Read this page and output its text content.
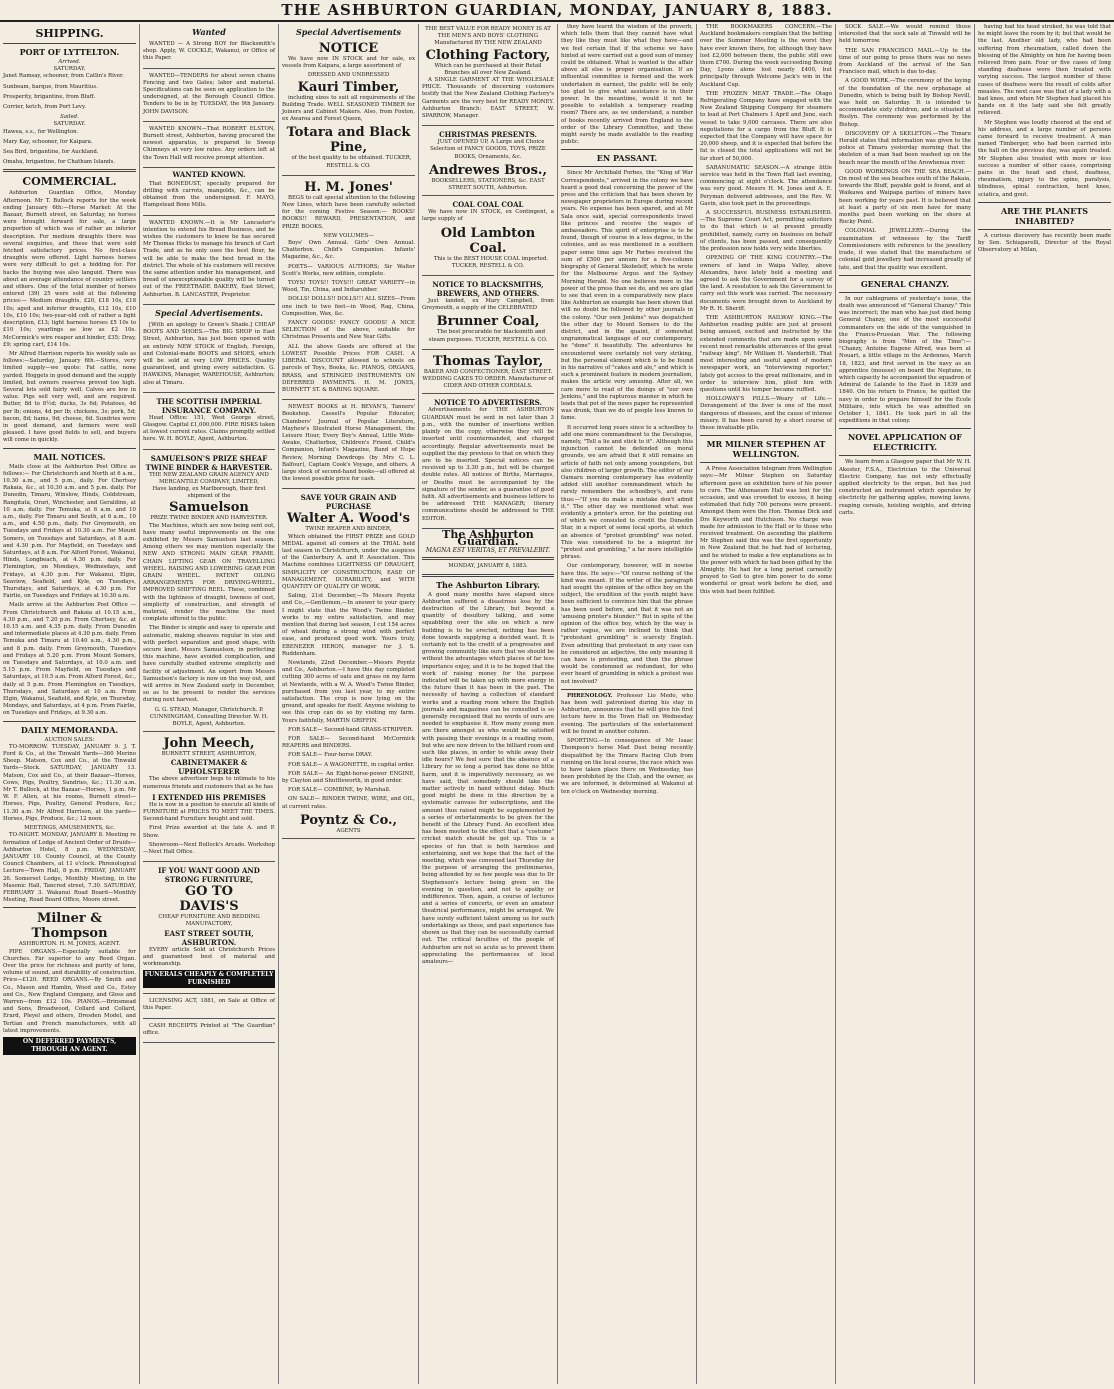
THE ASHBURTON GUARDIAN, MONDAY, JANUARY 8, 1883.
SHIPPING.
PORT OF LYTTELTON.
Arrived.
SATURDAY.
Janet Ramsay, schooner, from Catlin's River.
Sunbeam, barque, from Mauritius.
Prosperity, brigantine, from Bluff.
Corrier, ketch, from Port Levy.
Sailed.
SATURDAY.
Hawea, s.s., for Wellington.
Mary Kay, schooner, for Kaipara.
Sea Bird, brigantine, for Auckland.
Omaha, brigantine, for Chatham Islands.
COMMERCIAL.

Ashburton Guardian Office, Monday Afternoon. Mr T. Bullock reports for the week ending January 6th:—Horse Market: At the Bazaar, Burnett street, on Saturday, no horses were brought forward for sale, a large proportion of which was of rather an inferior description. For medium draughts there was several enquiries, and these that were sold fetched satisfactory prices. No first-class draughts were offered. Light harness horses were very difficult to get a bidding for. For hacks the buying was also languid. There was about an average attendance of country settlers and others. One of the total number of horses entered (39) 25 were sold at the following prices:— Medium draughts, £20, £18 10s, £18 10s; aged and inferior draughts, £12 10s, £10 10s, £10 10s; two-year-old colt of rather a light description, £13; light harness horses £5 10s to £10 10s; yearlings as low as £2 10s. McCormick's wire reaper and binder, £35; Dray, £9; spring cart, £14 10s.

Mr Alfred Harrison reports his weekly sale as follows:—Saturday, January 6th.—Stores, very limited supply—we quote: Fat cattle, none yarded. Hoggets in good demand and the supply limited, but owners reserves proved too high. Several lots sold fairly well. Calves are low in value. Pigs sell very well, and are required. Butter, 8d to 8½d; ducks, 3s 6d; Potatoes, 4d per lb; onions, 4d per lb; chickens, 3s; pork, 5d; bacon, 8d; hams, 9d; cheese, 6d. Sundries were in good demand, and farmers were well pleased. I have good fields to sell, and buyers will come in quickly.

MAIL NOTICES.

Mails close at the Ashburton Post Office as follows:— For Christchurch and North at 6 a.m., 10.30 a.m., and 5 p.m., daily. For Chertsey Rakaia, &c., at 10.30 a.m. and 5 p.m. daily. For Dunedin, Timaru, Winslow, Hinds, Coldstream, Rangitata, Orari, Winchester, and Geraldine, at 10 a.m. daily. For Temuka, at 6 a.m. and 10 a.m., daily. For Timaru and South, at 6 a.m., 10 a.m., and 4.50 p.m., daily. For Greymouth, on Tuesdays and Fridays at 10.30 a.m. For Mount Somers, on Tuesdays and Saturdays, at 8 a.m. and 4.30 p.m. For Mayfield, on Tuesdays and Saturdays, at 8 a.m. For Alford Forest, Wakanui, Hinds, Longbeach, at 4.30 p.m. daily. For Flemington, on Mondays, Wednesdays, and Fridays, at 4.30 p.m. For Wakanui, Elgin, Seaview, Seafield, and Kyle, on Tuesdays, Thursdays, and Saturdays, at 4.30 p.m. For Fairlie, on Tuesdays and Fridays at 10.30 a.m.

Mails arrive at the Ashburton Post Office — From Christchurch and Rakaia at 10.15 a.m., 4.30 p.m., and 7.20 p.m. From Chertsey, &c. at 10.15 a.m. and 4.35 p.m. daily. From Dunedin and intermediate places at 4.30 p.m. daily. From Temuka and Timaru at 10.40 a.m., 4.30 p.m., and 8 p.m. daily. From Greymouth, Tuesdays and Fridays at 5.20 p.m. From Mount Somers, on Tuesdays and Saturdays, at 10.0 a.m. and 5.15 p.m. From Mayfield, on Tuesdays and Saturdays, at 10.5 a.m. From Alford Forest, &c., daily at 5 p.m. From Flemington on Tuesdays, Thursdays, and Saturdays at 10 a.m. From Elgin, Wakanui, Seafield, and Kyle, on Thursday, Mondays, and Saturdays, at 4 p.m. From Fairlie, on Tuesdays and Fridays, at 9.30 a.m.

DAILY MEMORANDA.
AUCTION SALES:

TO-MORROW. TUESDAY, JANUARY 9. J. T. Ford & Co., at the Tinwald Yards—360 Merino Sheep. Matson, Cox and Co., at the Tinwald Yards—Stock. SATURDAY, JANUARY 13. Matson, Cox and Co., at their Bazaar—Horses, Cows, Pigs, Poultry, Sundries, &c.; 11.30 a.m. Mr T. Bullock, at the Bazaar—Horses, 1 p.m. Mr W. F. Allen, at his rooms, Burnett street—Horses, Pigs, Poultry, General Produce, &c.; 11.30 a.m. Mr Alfred Harrison, at the yards—Horses, Pigs, Produce, &c.; 12 noon.

MEETINGS, AMUSEMENTS, &c.

TO-NIGHT. MONDAY, JANUARY 8. Meeting re formation of Lodge of Ancient Order of Druids—Ashburton Hotel, 8 p.m. WEDNESDAY, JANUARY 10. County Council, at the County Council Chambers, at 11 o'clock. Phrenological Lecture—Town Hall, 8 p.m. FRIDAY, JANUARY 26. Somerset Lodge, Monthly Meeting, in the Masonic Hall, Tancred street, 7.30. SATURDAY, FEBRUARY 3. Wakanui Road Board—Monthly Meeting, Road Board Office, Moore street.

Milner & Thompson
ASHBURTON. H. M. JONES, AGENT.

PIPE ORGANS.—Especially suitable for Churches. Far superior to any Reed Organ. Over the price for richness and purity of tone, volume of sound, and durability of construction. Price—£120. REED ORGANS.—By Smith and Co., Mason and Hamlin, Wood and Co., Estey and Co., New England Company, and Gloss and Warren—from £12 10s. PIANOS.—Brinsmead and Sons, Broadwood, Collard and Collard, Erard, Pleyel and others, Dresden Model, and Tertian and French manufacturers, with all latest improvements.

ON DEFERRED PAYMENTS, THROUGH AN AGENT.
Wanted

WANTED — A Strong BOY for Blacksmith's shop. Apply, W. COCKLE, Wakanui, or Office of this Paper.

WANTED—TENDERS for about seven chains Fencing and two Gates; labor and material. Specifications can be seen on application to the undersigned, at the Borough Council Office. Tenders to be in by TUESDAY, the 9th January. JOHN DAVISON.

WANTED KNOWN—That ROBERT ELSTON, Burnett street, Ashburton, having procured the newest apparatus, is prepared to Sweep Chimneys at very low rates. Any orders left at the Town Hall will receive prompt attention.

WANTED KNOWN.

That BONEDUST, specially prepared for drilling with carrots, mangolds, &c., can be obtained from the undersigned. F. MAYO, Hampstead Bone Mills.

WANTED KNOWN.—It is Mr Lancaster's intention to extend his Bread Business, and he wishes the customers to know he has secured Mr Thomas Hicks to manage his branch of Cart Trade, and as he only uses the best flour, he will be able to make the best bread in the district. The whole of his customers will receive the same attention under his management, and bread of unexceptionable quality will be turned out of the FREETRADE BAKERY, East Street, Ashburton. B. LANCASTER, Proprietor.

Special Advertisements.

[With an apology to Green's Shade.] CHEAP BOOTS AND SHOES.—The BIG SHOP in East Street, Ashburton, has just been opened with an entirely NEW STOCK of English, Foreign, and Colonial-made BOOTS and SHOES, which will be sold at very LOW PRICES. Quality guaranteed, and giving every satisfaction. G. HAWKINS, Manager, WAREHOUSE, Ashburton; also at Timaru.

THE SCOTTISH IMPERIAL INSURANCE COMPANY.

Head Office: 151, West George street, Glasgow. Capital £1,000,000. FIRE RISKS taken at lowest current rates. Claims promptly settled here. W. H. BOYLE, Agent, Ashburton.

SAMUELSON'S PRIZE SHEAF TWINE BINDER & HARVESTER.
THE NEW ZEALAND GRAIN AGENCY AND MERCANTILE COMPANY, LIMITED,
Have landing, ex Marlborough, their first shipment of the
Samuelson
PRIZE TWINE BINDER AND HARVESTER.

The Machines, which are now being sent out, have many useful improvements on the one exhibited by Messrs Samuelson last season. Among others we may mention especially the NEW AND STRONG MAIN GEAR FRAME. CHAIN LIFTING GEAR ON TRAVELLING WHEEL. RAISING AND LOWERING GEAR FOR GRAIN WHEEL. PATENT OILING ARRANGEMENTS FOR DRIVING-WHEEL. IMPROVED SHIFTING REEL. These, combined with the lightness of draught, lowness of cost, simplicity of construction, and strength of material, render the machine the most complete offered to the public.

The Binder is simple and easy to operate and automatic, making sheaves regular in size and with perfect separation and good shape, with secure knot. Messrs Samuelson, in perfecting this machine, have avoided complication, and have carefully studied extreme simplicity and facility of adjustment. An expert from Messrs Samuelson's factory is now on the way out, and will arrive in New Zealand early in December, so as to be present to render the services during next harvest.

G. G. STEAD, Manager, Christchurch. P. CUNNINGHAM, Consulting Director. W. H. BOYLE, Agent, Ashburton.
John Meech,
BURNETT STREET, ASHBURTON,
CABINETMAKER & UPHOLSTERER

The above advertiser begs to intimate to his numerous friends and customers that as he has

I EXTENDED HIS PREMISES

He is now in a position to execute all kinds of FURNITURE at PRICES TO MEET THE TIMES. Second-hand Furniture bought and sold.

First Prize awarded at the late A. and P. Show.

Showroom—Next Bullock's Arcade. Workshop—Next Hall Office.

IF YOU WANT GOOD AND STRONG FURNITURE,
GO TO
DAVIS'S
CHEAP FURNITURE AND BEDDING MANUFACTORY,
EAST STREET SOUTH, ASHBURTON.

EVERY article Sold at Christchurch Prices and guaranteed best of material and workmanship.

FUNERALS CHEAPLY & COMPLETELY FURNISHED

LICENSING ACT, 1881, on Sale at Office of this Paper.

CASH RECEIPTS Printed at "The Guardian" office.

Special Advertisements
NOTICE

We have now IN STOCK and for sale, ex vessels from Kaipara, a large assortment of

DRESSED AND UNDRESSED
Kauri Timber,

including sizes to suit all requirements of the Building Trade. WELL SEASONED TIMBER for Joiners and Cabinet Makers. Also, from Foxton, ex Awaroa and Forest Queen,

Totara and Black Pine,

of the best quality to be obtained. TUCKER, RESTELL & CO.

H. M. Jones'

BEGS to call special attention to the following New Lines, which have been carefully selected for the coming Festive Season:— BOOKS! BOOKS!! REWARD, PRESENTATION, and PRIZE BOOKS.

NEW VOLUMES—

Boys' Own Annual. Girls' Own Annual. Chatterbox. Child's Companion. Infants' Magazine, &c., &c.

POETS— VARIOUS AUTHORS; Sir Walter Scott's Works, new edition, complete.

TOYS! TOYS!! TOYS!!! GREAT VARIETY—in Wood, Tin, China, and Indiarubber.

DOLLS! DOLLS!! DOLLS!!! ALL SIZES—From one inch to two feet—in Wood, Rag, China, Composition, Wax, &c.

FANCY GOODS! FANCY GOODS! A NICE SELECTION of the above, suitable for Christmas Presents and New Year Gifts.

ALL the above Goods are offered at the LOWEST Possible Prices FOR CASH. A LIBERAL DISCOUNT allowed to schools on parcels of Toys, Books, &c. PIANOS, ORGANS, BRASS, and STRINGED INSTRUMENTS ON DEFERRED PAYMENTS. H. M. JONES, BURNETT ST. & BARING SQUARE.

NEWEST BOOKS at H. BEVAN'S, Tanners' Bookshop. Cassell's Popular Educator, Chambers' Journal of Popular Literature, Mayhew's Illustrated Horse Management, the Leisure Hour, Every Boy's Annual, Little Wide-Awake, Chatterbox, Children's Friend, Child's Companion, Infant's Magazine, Band of Hope Review, Morning Dewdrops (by Mrs C. L. Balfour), Captain Cook's Voyage, and others. A large stock of second-hand books—all offered at the lowest possible price for cash.

SAVE YOUR GRAIN AND PURCHASE
Walter A. Wood's
TWINE REAPER AND BINDER,

Which obtained the FIRST PRIZE and GOLD MEDAL against all comers at the TRIAL held last season in Christchurch, under the auspices of the Canterbury A. and P. Association. This Machine combines LIGHTNESS OF DRAUGHT, SIMPLICITY OF CONSTRUCTION, EASE OF MANAGEMENT, DURABILITY, and WITH QUANTITY OF QUALITY OF WORK.

Saling, 21st December,—To Messrs Poyntz and Co.,—Gentlemen,—In answer to your query I might state that the Wood's Twine Binder, works to my entire satisfaction, and may mention that during last season, I cut 154 acres of wheat during a strong wind with perfect ease, and produced good work. Yours truly, EBENEZER HERON, manager for J. S. Ruddenham.

Newlands, 22nd December.—Messrs Poyntz and Co., Ashburton.—I have this day completed cutting 300 acres of oats and grass on my farm at Newlands, with a W. A. Wood's Twine Binder, purchased from you last year, to my entire satisfaction. The crop is now lying on the ground, and speaks for itself. Anyone wishing to see this crop can do so by visiting my farm. Yours faithfully, MARTIN GRIFFIN.

FOR SALE— Second-hand GRASS-STRIPPER.

FOR SALE— Second-hand McCormick REAPERS and BINDERS.

FOR SALE— Four-horse DRAY.

FOR SALE— A WAGONETTE, in capital order.

FOR SALE— An Eight-horse-power ENGINE, by Clayton and Shuttleworth, in good order.

FOR SALE— COMBINE, by Marshall.

ON SALE— BINDER TWINE, WIRE, and OIL, at current rates.

Poyntz & Co.,
AGENTS
THE BEST VALUE FOR READY MONEY IS AT THE MEN'S AND BOYS' CLOTHING Manufactured BY THE NEW ZEALAND
Clothing Factory,
Which can be purchased at their Retail Branches all over New Zealand.

A SINGLE GARMENT AT THE WHOLESALE PRICE. Thousands of discerning customers testify that the New Zealand Clothing Factory's Garments are the very best for READY MONEY. Ashburton Branch: EAST STREET, W. SPARROW, Manager.

CHRISTMAS PRESENTS.

JUST OPENED UP, A Large and Choice Selection of FANCY GOODS, TOYS, PRIZE BOOKS, Ornaments, &c.

Andrewes Bros.,
BOOKSELLERS, STATIONERS, &c. EAST STREET SOUTH, Ashburton.
COAL COAL COAL

We have now IN STOCK, ex Contingent, a large supply of

Old Lambton Coal.

This is the BEST HOUSE COAL imported. TUCKER, RESTELL & CO.

NOTICE TO BLACKSMITHS, BREWERS, AND OTHERS.

Just landed, ex Mary Campbell, from Greymouth, a supply of the CELEBRATED

Brunner Coal,

The best procurable for blacksmith and steam purposes. TUCKER, RESTELL & CO.

Thomas Taylor,
BAKER AND CONFECTIONER, EAST STREET. WEDDING CAKES TO ORDER. Manufacturer of CIDER AND OTHER CORDIALS.
NOTICE TO ADVERTISERS.

Advertisements for THE ASHBURTON GUARDIAN must be sent in not later than 3 p.m., with the number of insertions written plainly on the copy, otherwise they will be inserted until countermanded, and charged accordingly. Regular advertisements must be supplied the day previous to that on which they are to be inserted. Special notices can be received up to 3.30 p.m., but will be charged double rates. All notices of Births, Marriages, or Deaths must be accompanied by the signature of the sender, as a guarantee of good faith. All advertisements and business letters to be addressed THE MANAGER; literary communications should be addressed to THE EDITOR.

The Ashburton Guardian.
MAGNA EST VERITAS, ET PREVALEBIT.
MONDAY, JANUARY 8, 1883.
The Ashburton Library.

A good many months have elapsed since Ashburton suffered a disastrous loss by the destruction of the Library, but beyond a quantity of desultory talking, and some squabbling over the site on which a new building is to be erected, nothing has been done towards supplying a decided want. It is certainly not to the credit of a progressive and growing community like ours that we should be without the advantages which places of far less importance enjoy, and it is to be hoped that the work of raising money for the purpose indicated will be taken up with more energy in the future than it has been in the past. The necessity of having a collection of standard works and a reading room where the English journals and magazines can be consulted is so generally recognised that no words of ours are needed to emphasise it. How many young men are there amongst us who would be satisfied with passing their evenings in a reading room, but who are now driven to the billiard room and such like places, in order to while away their idle hours? We feel sure that the absence of a Library for so long a period has done no little harm, and it is imperatively necessary, as we have said, that somebody should take the matter actively in hand without delay. Much good might be done in this direction by a systematic canvass for subscriptions, and the amount thus raised might be supplemented by a series of entertainments to be given for the benefit of the Library Fund. An excellent idea has been mooted to the effect that a "costume" cricket match should be got up. This is a species of fun that is both harmless and entertaining, and we hope that the fact of the meeting, which was convened last Thursday for the purpose of arranging the preliminaries, being attended by so few people was due to Dr Stephenson's lecture being given on the evening in question, and not to apathy or indifference. Then, again, a course of lectures and a series of concerts, or even an amateur theatrical performance, might be arranged. We have surely sufficient talent among us for such undertakings as these, and past experience has shown us that they can be successfully carried out. The critical faculties of the people of Ashburton are not so acute as to prevent them appreciating the performances of local amateurs—

they have learnt the wisdom of the proverb, which tells them that they cannot have what they like they must like what they have—and we feel certain that if the scheme we have hinted at were carried out a good sum of money could be obtained. What is wanted is the affair above all else is proper organisation. If an influential committee is formed and the work undertaken in earnest, the public will be only too glad to give what assistance is in their power. In the meantime, would it not be possible to establish a temporary reading room? There are, as we understand, a number of books recently arrived from England to the order of the Library Committee, and these might surely be made available to the reading public.

EN PASSANT.

Since Mr Archibald Forbes, the "King of War Correspondents," arrived in the colony we have heard a good deal concerning the power of the press and the criticism that has been shown by newspaper proprietors in Europe during recent years. No expense has been spared, and at Mr Sala once said, special correspondents travel like princes and receive the wages of ambassadors. This spirit of enterprise is to be found, though of course in a less degree, in the colonies, and as was mentioned in a southern paper some time ago Mr Forbes received the sum of £500 per annum for a five-column biography of General Skobeleff, which he wrote for the Melbourne Argus and the Sydney Morning Herald. No one believes more in the power of the press than we do, and we are glad to see that even in a comparatively new place like Ashburton an example has been shown that will no doubt be followed by other journals in the colony. "Our own Jenkins" was despatched the other day to Mount Somers to do the district, and in the quaint, if somewhat ungrammatical language of our contemporary, he "done" it beautifully. The adventures he encountered were certainly not very striking, but the personal element which is to be found in his narrative of "cakes and ale," and which is such a prominent feature in modern journalism, makes the article very amusing. After all, we care more to read of the doings of "our own Jenkins," and the rapturous manner in which he leads that pot of the news paper he represented was drunk, than we do of people less known to fame.

It occurred long years since to a schoolboy to add one more commandment to the Decalogue, namely, "Tell a lie and stick to it". Although this injunction cannot be defended on moral grounds, we are afraid that it still remains an article of faith not only among youngsters, but also children of larger growth. The editor of our Oamaru morning contemporary has evidently added still another commandment which he rarely remembers the schoolboy's, and runs thus:—"If you do make a mistake don't admit it." The other day we mentioned what was evidently a printer's error, for the pointing out of which we consisted to credit the Dunedin Star, in a report of some local sports, at which an absence of "protest grumbling" was noted. This was considered to be a misprint for "protest and grumbling," a far more intelligible phrase.

Our contemporary, however, will in nowise have this. He says:—"Of course nothing of the kind was meant. If the writer of the paragraph had sought the opinion of the office boy on the subject, the erudition of the youth might have been sufficient to convince him that the phrase has been used before, and that it was not an 'amusing printer's blunder.'" But in spite of the opinion of the office boy, which by the way is rather vague, we are inclined to think that "protestant grumbling" is scarcely English. Even admitting that protestant in any case can be considered an adjective, the only meaning it can have is protesting, and then the phrase would be condemned as redundant, for who ever heard of grumbling in which a protest was not involved?

PHRENOLOGY. Professor Lio Medo, who has been well patronised during his stay in Ashburton, announces that he will give his first lecture here in the Town Hall on Wednesday evening. The particulars of the entertainment will be found in another column.

SPORTING.—In consequence of Mr Isaac Thompson's horse Mad Dust being recently disqualified by the Timaru Racing Club from running on the local course, the race which was to have taken place there on Wednesday, has been prohibited by the Club, and the owner, as we are informed, is determined at Wakanui at ten o'clock on Wednesday morning.

THE BOOKMAKERS CONCERN.—The Auckland bookmakers complain that the betting over the Summer Meeting is the worst they have ever known there, for, although they have lost £2,000 between them, the public still owe them £700. During the week succeeding Boxing Day, Lyons alone lost nearly £400, but principally through Welcome Jack's win in the Auckland Cup.

THE FROZEN MEAT TRADE.—The Otago Refrigerating Company have engaged with the New Zealand Shipping Company for steamers to load at Port Chalmers 1 April and June, each vessel to take 9,000 carcases. There are also negotiations for a cargo from the Bluff. It is expected that the Company will have space for 20,000 sheep, and it is expected that before the fat is closed the total applications will not be far short of 50,000.

SARANUMATIC SEASON.—A strange little service was held in the Town Hall last evening, commencing at eight o'clock. The attendance was very good. Messrs H. M. Jones and A. E. Peryman delivered addresses, and the Rev. W. Gavin, also took part in the proceedings.

A SUCCESSFUL BUSINESS ESTABLISHED.—The Supreme Court Act, permitting solicitors to do that which is at present proudly prohibited, namely, carry on business on behalf of clients, has been passed, and consequently the profession now holds very wide liberties.

OPENING OF THE KING COUNTRY.—The owners of land in Waipa Valley, above Alexandra, have lately held a meeting and agreed to ask the Government for a survey of the land. A resolution to ask the Government to carry out this work was carried. The necessary documents were brought down to Auckland by Mr R. H. Sheriff.

THE ASHBURTON RAILWAY KING.—The Ashburton reading public are just at present being amused, excited and instructed by the extended comments that are made upon some recent most remarkable utterances of the great "railway king". Mr William H. Vanderbilt. That most interesting and useful agent of modern newspaper work, an "interviewing reporter," lately got access to the great millionaire, and in order to interview him, plied him with questions until his temper became ruffled.

HOLLOWAY'S PILLS.—Weary of Life.—Derangement of the liver is one of the most dangerous of diseases, and the cause of intense misery. It has been cured by a short course of these invaluable pills.

MR MILNER STEPHEN AT WELLINGTON.

A Press Association telegram from Wellington says:—Mr Milner Stephen on Saturday afternoon gave an exhibition here of his power to cure. The Athenaeum Hall was lent for the occasion, and was crowded to excess, it being estimated that fully 700 persons were present. Amongst them were the Hon. Thomas Dick and Drs Keyworth and Hutchison. No charge was made for admission to the Hall or to those who received treatment. On ascending the platform Mr Stephen said this was the first opportunity in New Zealand that he had had of lecturing, and he wished to make a few explanations as to the power with which he had been gifted by the Almighty. He had for a long period carnestly prayed to God to give him power to do some wonderful or great work before he died, and this wish had been fulfilled.

SOCK SALE.—We would remind those interested that the sock sale at Tinwald will be held tomorrow.

THE SAN FRANCISCO MAIL.—Up to the time of our going to press there was no news from Auckland of the arrival of the San Francisco mail, which is due to-day.

A GOOD WORK.—The ceremony of the laying of the foundation of the new orphanage at Dunedin, which is being built by Bishop Nevill, was held on Saturday. It is intended to accommodate sixty children, and is situated at Roslyn. The ceremony was performed by the Bishop.

DISCOVERY OF A SKELETON.—The Timaru Herald states that information was given to the police at Timaru yesterday morning that the skeleton of a man had been washed up on the beach near the mouth of the Arowhenua river.

GOOD WORKINGS ON THE SEA BEACH.—On most of the sea beaches south of the Rakaia, towards the Bluff, payable gold is found, and at Waikawa and Waipapa parties of miners have been working for years past. It is believed that at least a party of six men have for many months past been working on the shore at Rocky Point.

COLONIAL JEWELLERY.—During the examination of witnesses by the Tariff Commissioners with reference to the jewellery trade, it was stated that the manufacture of colonial gold jewellery had increased greatly of late, and that the quality was excellent.

GENERAL CHANZY.

In our cablegrams of yesterday's issue, the death was announced of "General Chanzy." This was incorrect; the man who has just died being General Chanzy, one of the most successful commanders on the side of the vanquished in the Franco-Prussian War. The following biography is from "Men of the Time":— "Chanzy, Antoine Eugene Alfred, was born at Nouart, a little village in the Ardennes, March 18, 1823, and first served in the navy as an apprentice (mousse) on board the Neptune, in which capacity he accompanied the squadron of Admiral de Lalande to the East in 1839 and 1840. On his return to France, he quitted the navy in order to prepare himself for the Ecole Militaire, into which he was admitted on October 1, 1841. He took part in all the expeditions in that colony.

NOVEL APPLICATION OF ELECTRICITY.

We learn from a Glasgow paper that Mr W. H. Akester, F.S.A., Electrician to the Universal Electric Company, has not only effectually applied electricity to the organ, but has just constructed an instrument which operates by electricity for gathering apples, mowing lawns, reaping cereals, hoisting weights, and driving carts.

having had his head stroked, he was told that he might leave the room by it; but that would be the last. Another old lady, who had been suffering from rheumatism, called down the blessing of the Almighty on him for having been relieved from pain. Four or five cases of long standing deafness were then treated with varying success. The largest number of these cases of deafness were the result of colds after measles. The next case was that of a lady with a bad knee, and when Mr Stephen had placed his hands on it the lady said she felt greatly relieved.

Mr Stephen was loudly cheered at the end of his address, and a large number of persons came forward to receive treatment. A man named Timberger, who had been carried into the hall on the previous day, was again treated. Mr Stephen also treated with more or less success a number of other cases, comprising pains in the head and chest, deafness, rheumatism, injury to the spine, paralysis, blindness, spinal contraction, bent knee, sciatica, and gout.

ARE THE PLANETS INHABITED?

A curious discovery has recently been made by Sen. Schiaparelli, Director of the Royal Observatory at Milan,
